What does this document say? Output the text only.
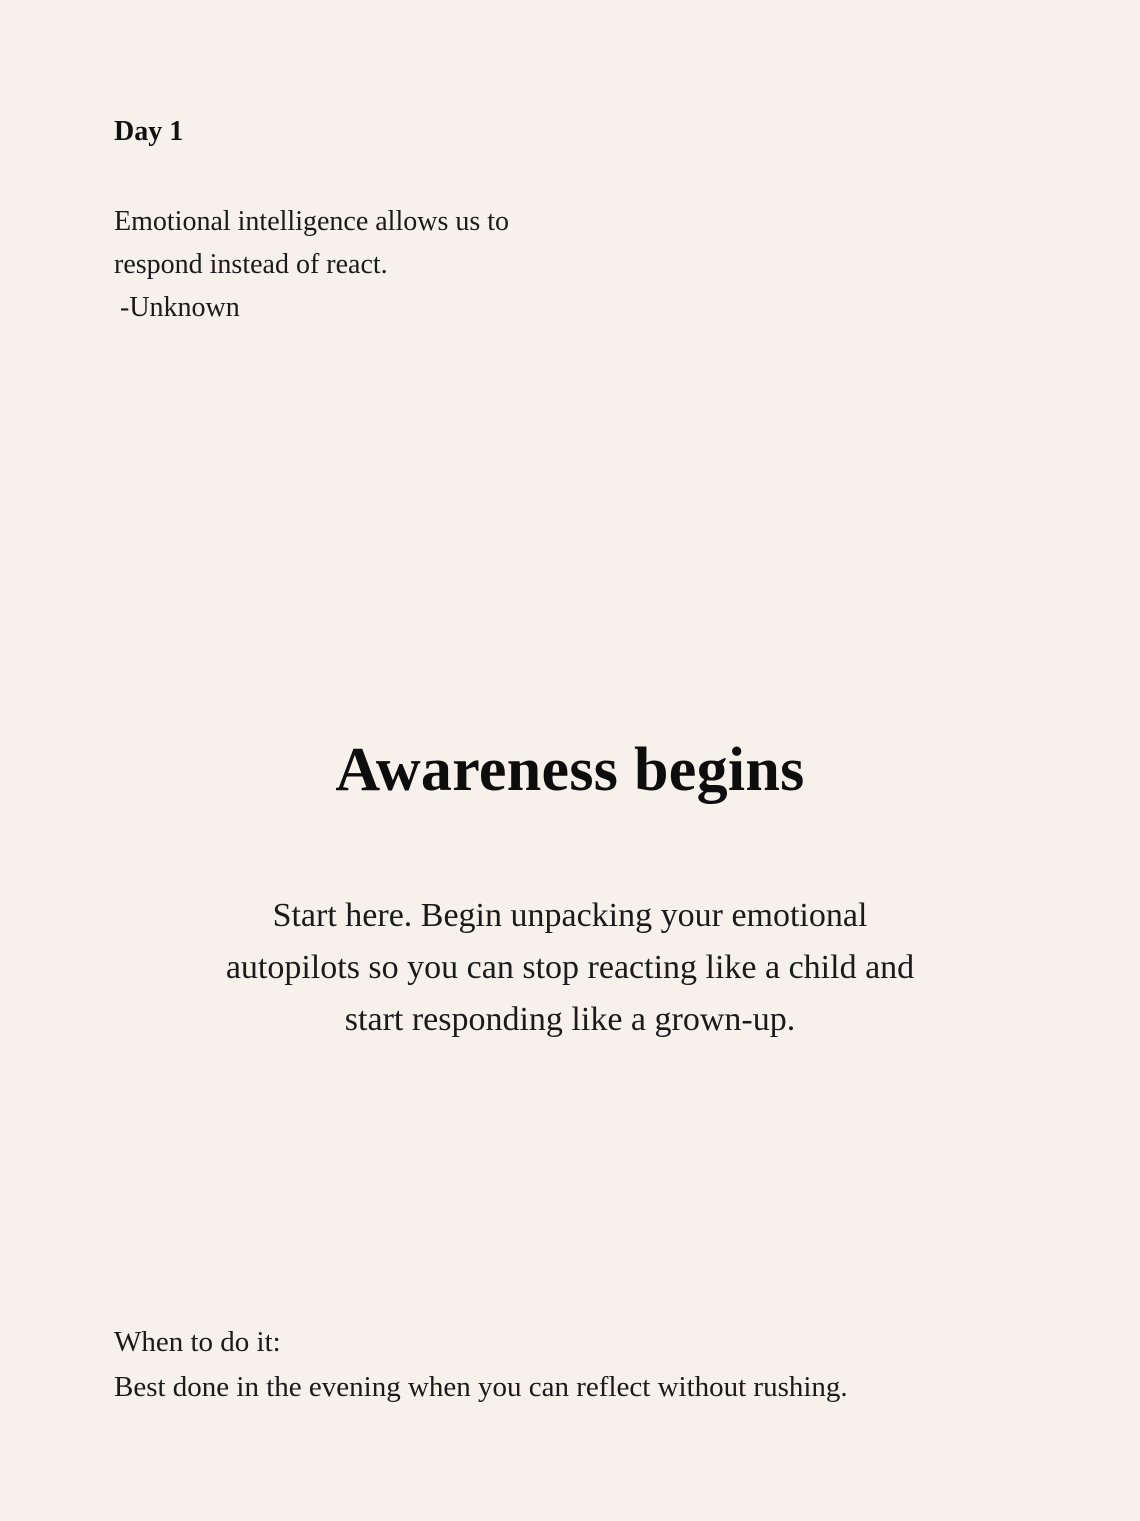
Day 1
Emotional intelligence allows us to
respond instead of react.
-Unknown
Awareness begins
Start here. Begin unpacking your emotional
autopilots so you can stop reacting like a child and
start responding like a grown-up.
When to do it:
Best done in the evening when you can reflect without rushing.
